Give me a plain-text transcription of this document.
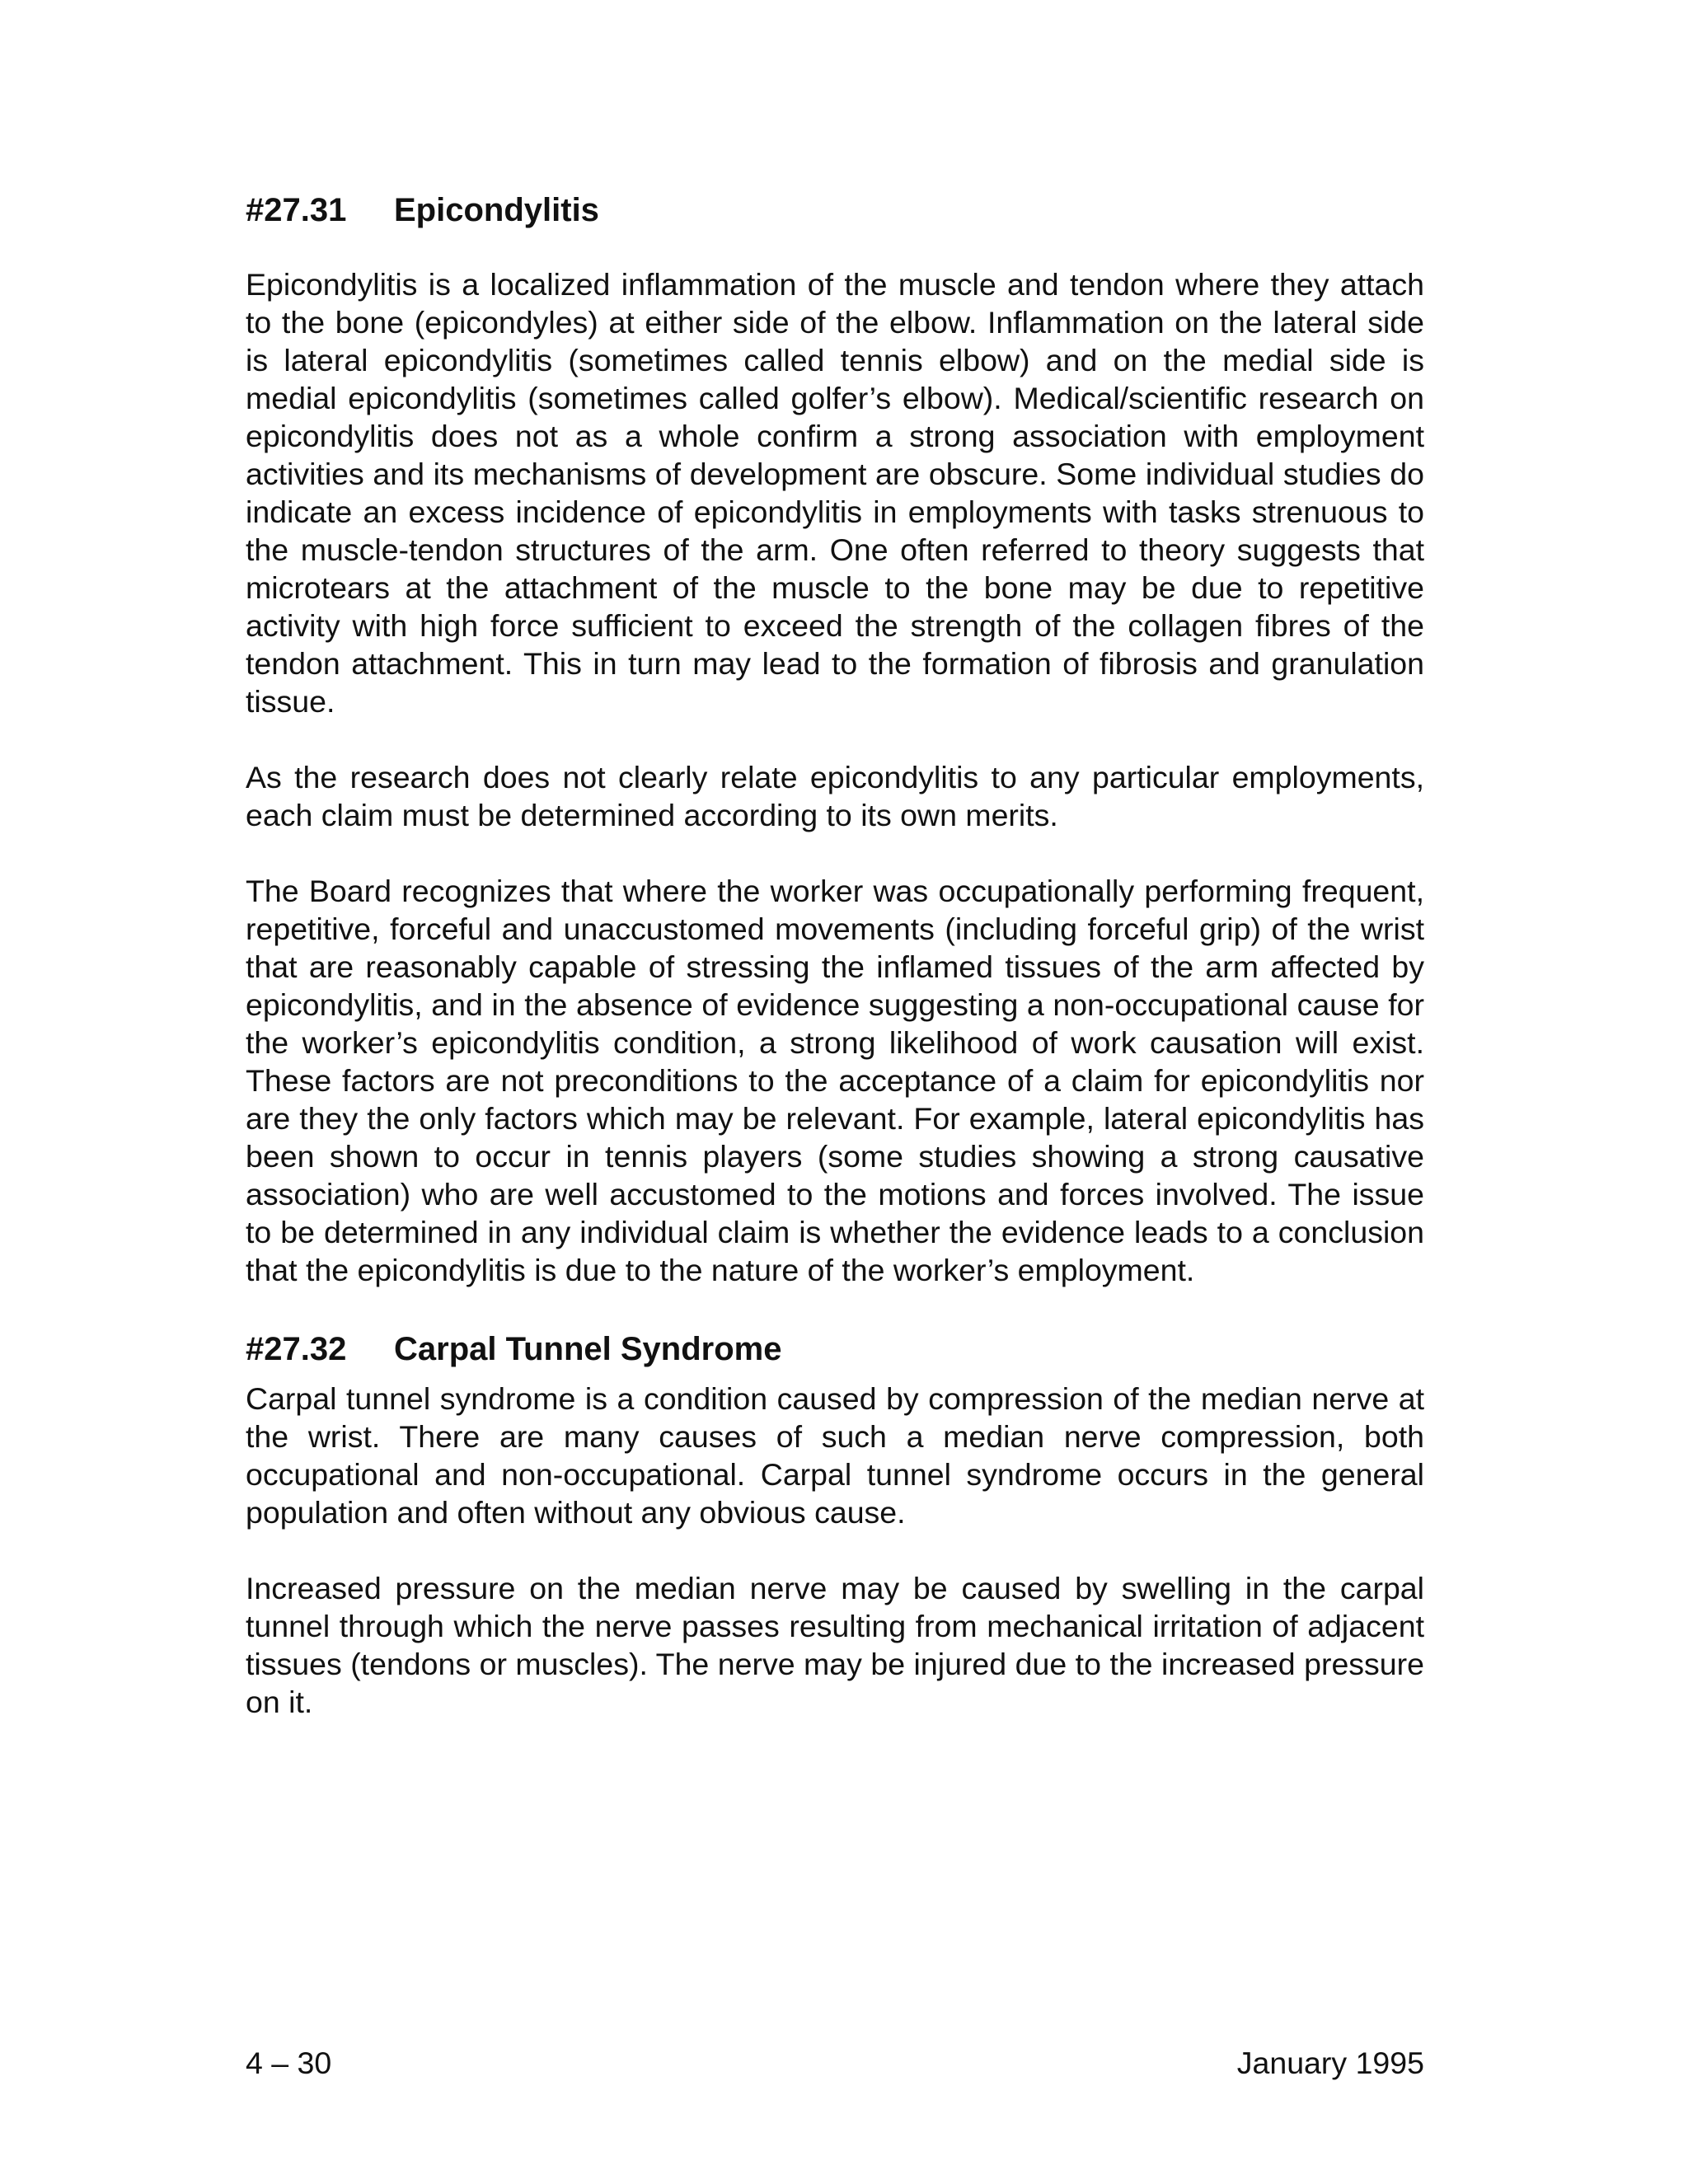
#27.31	Epicondylitis

Epicondylitis is a localized inflammation of the muscle and tendon where they attach to the bone (epicondyles) at either side of the elbow. Inflammation on the lateral side is lateral epicondylitis (sometimes called tennis elbow) and on the medial side is medial epicondylitis (sometimes called golfer’s elbow). Medical/scientific research on epicondylitis does not as a whole confirm a strong association with employment activities and its mechanisms of development are obscure. Some individual studies do indicate an excess incidence of epicondylitis in employments with tasks strenuous to the muscle-tendon structures of the arm. One often referred to theory suggests that microtears at the attachment of the muscle to the bone may be due to repetitive activity with high force sufficient to exceed the strength of the collagen fibres of the tendon attachment. This in turn may lead to the formation of fibrosis and granulation tissue.

As the research does not clearly relate epicondylitis to any particular employments, each claim must be determined according to its own merits.

The Board recognizes that where the worker was occupationally performing frequent, repetitive, forceful and unaccustomed movements (including forceful grip) of the wrist that are reasonably capable of stressing the inflamed tissues of the arm affected by epicondylitis, and in the absence of evidence suggesting a non-occupational cause for the worker’s epicondylitis condition, a strong likelihood of work causation will exist. These factors are not preconditions to the acceptance of a claim for epicondylitis nor are they the only factors which may be relevant. For example, lateral epicondylitis has been shown to occur in tennis players (some studies showing a strong causative association) who are well accustomed to the motions and forces involved. The issue to be determined in any individual claim is whether the evidence leads to a conclusion that the epicondylitis is due to the nature of the worker’s employment.

#27.32	Carpal Tunnel Syndrome

Carpal tunnel syndrome is a condition caused by compression of the median nerve at the wrist. There are many causes of such a median nerve compression, both occupational and non-occupational. Carpal tunnel syndrome occurs in the general population and often without any obvious cause.

Increased pressure on the median nerve may be caused by swelling in the carpal tunnel through which the nerve passes resulting from mechanical irritation of adjacent tissues (tendons or muscles). The nerve may be injured due to the increased pressure on it.

4 – 30	January 1995
